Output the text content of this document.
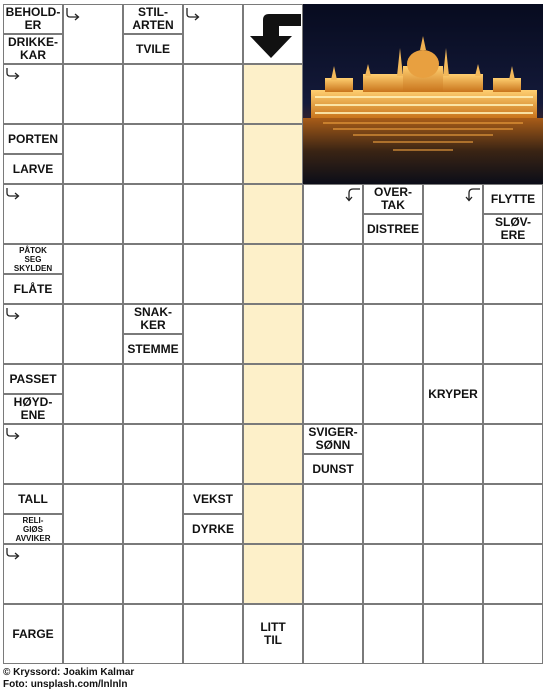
BEHOLD-
ER
DRIKKE-
KAR
STIL-
ARTEN
TVILE
PORTEN
LARVE
OVER-
TAK
DISTREE
FLYTTE
SLØV-
ERE
PÅTOK
SEG
SKYLDEN
FLÅTE
SNAK-
KER
STEMME
PASSET
HØYD-
ENE
KRYPER
SVIGER-
SØNN
DUNST
TALL
RELI-
GIØS
AVVIKER
VEKST
DYRKE
FARGE	LITT
TIL
© Kryssord: Joakim Kalmar
Foto: unsplash.com/lnlnln
